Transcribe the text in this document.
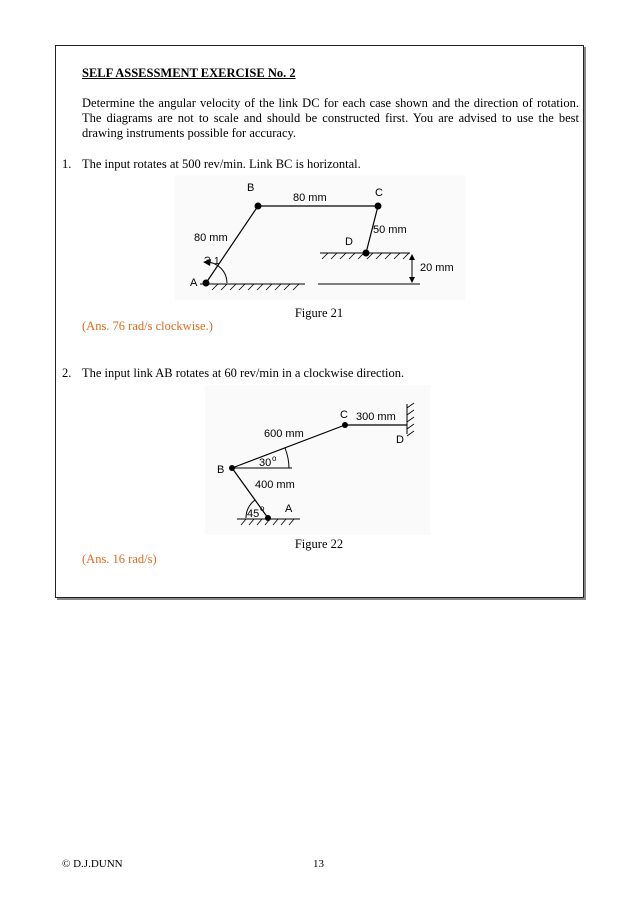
SELF ASSESSMENT EXERCISE No. 2
Determine the angular velocity of the link DC for each case shown and the direction of rotation. The diagrams are not to scale and should be constructed first. You are advised to use the best drawing instruments possible for accuracy.
1. The input rotates at 500 rev/min. Link BC is horizontal.
B	C
D
A
80 mm
80 mm
50 mm
20 mm
ω 1
Figure 21
(Ans. 76 rad/s clockwise.)
2. The input link AB rotates at 60 rev/min in a clockwise direction.
C
D
B
A
600 mm
300 mm
400 mm
30 o
45 o
Figure 22
(Ans. 16 rad/s)
© D.J.DUNN	13
